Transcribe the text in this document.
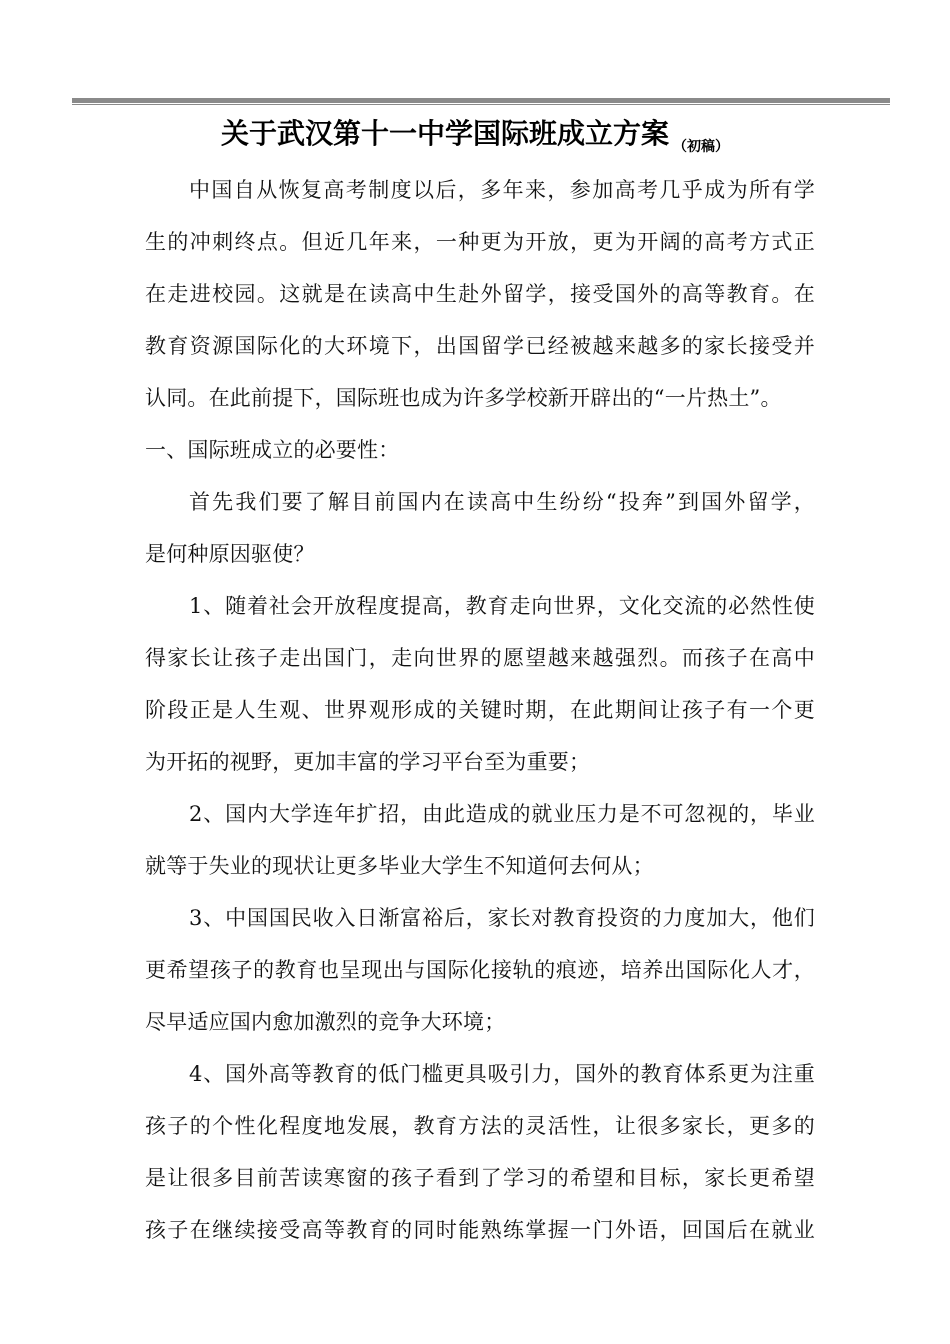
关于武汉第十一中学国际班成立方案 （初稿）
中国自从恢复高考制度以后，多年来，参加高考几乎成为所有学
生的冲刺终点。但近几年来，一种更为开放，更为开阔的高考方式正
在走进校园。这就是在读高中生赴外留学，接受国外的高等教育。在
教育资源国际化的大环境下，出国留学已经被越来越多的家长接受并
认同。在此前提下，国际班也成为许多学校新开辟出的“一片热土”。
一、国际班成立的必要性：
首先我们要了解目前国内在读高中生纷纷“投奔”到国外留学，
是何种原因驱使？
1、随着社会开放程度提高，教育走向世界，文化交流的必然性使
得家长让孩子走出国门，走向世界的愿望越来越强烈。而孩子在高中
阶段正是人生观、世界观形成的关键时期，在此期间让孩子有一个更
为开拓的视野，更加丰富的学习平台至为重要；
2、国内大学连年扩招，由此造成的就业压力是不可忽视的，毕业
就等于失业的现状让更多毕业大学生不知道何去何从；
3、中国国民收入日渐富裕后，家长对教育投资的力度加大，他们
更希望孩子的教育也呈现出与国际化接轨的痕迹，培养出国际化人才，
尽早适应国内愈加激烈的竞争大环境；
4、国外高等教育的低门槛更具吸引力，国外的教育体系更为注重
孩子的个性化程度地发展，教育方法的灵活性，让很多家长，更多的
是让很多目前苦读寒窗的孩子看到了学习的希望和目标，家长更希望
孩子在继续接受高等教育的同时能熟练掌握一门外语，回国后在就业
